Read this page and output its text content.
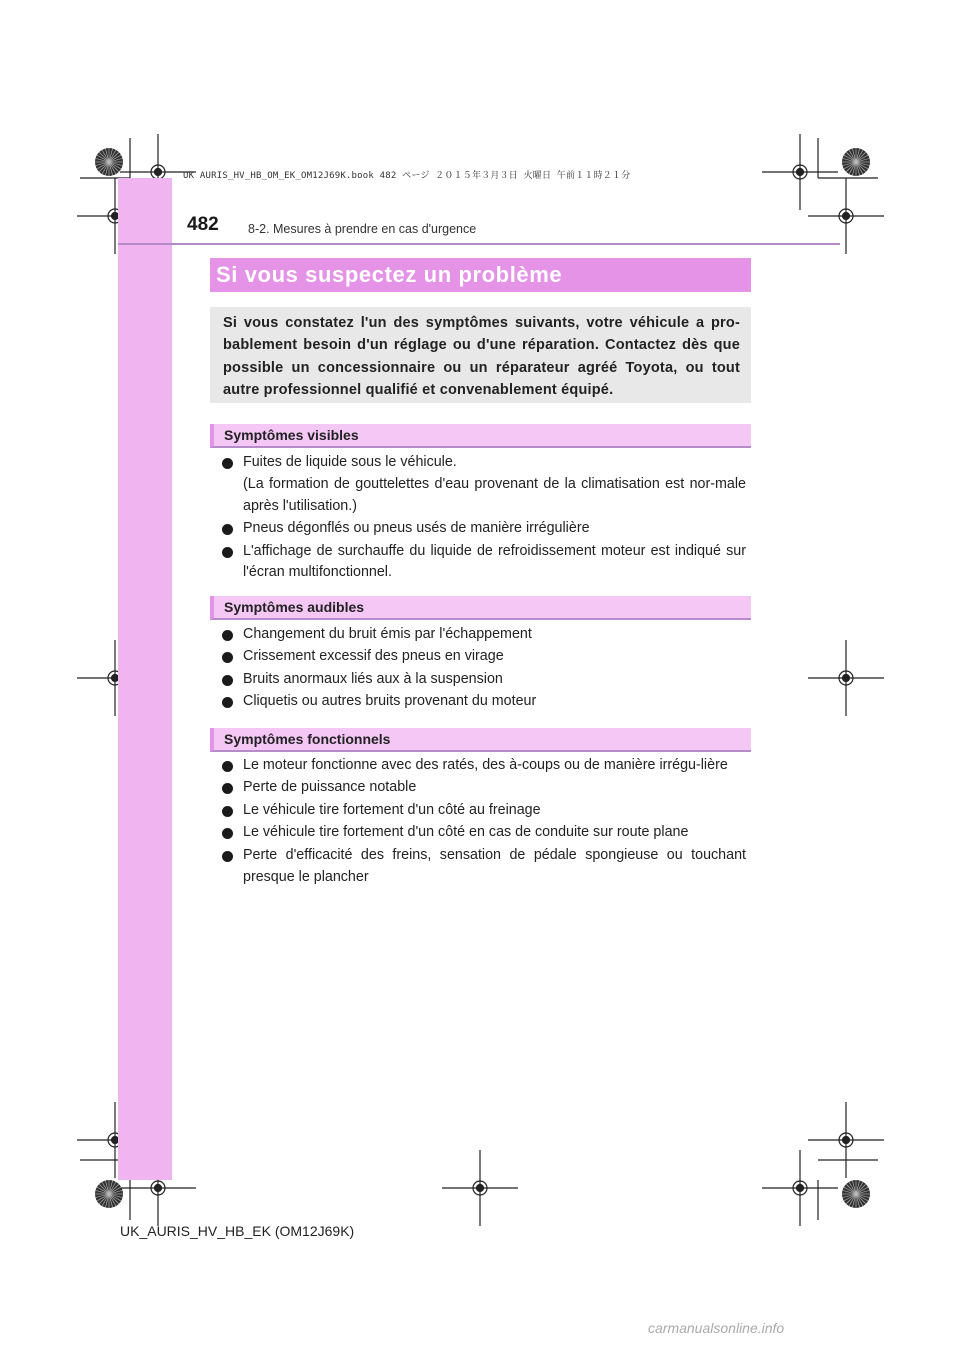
UK AURIS_HV_HB_OM_EK_OM12J69K.book 482 ページ ２０１５年３月３日 火曜日 午前１１時２１分
482 8-2. Mesures à prendre en cas d'urgence
Si vous suspectez un problème
Si vous constatez l'un des symptômes suivants, votre véhicule a pro-bablement besoin d'un réglage ou d'une réparation. Contactez dès que possible un concessionnaire ou un réparateur agréé Toyota, ou tout autre professionnel qualifié et convenablement équipé.
Symptômes visibles
Fuites de liquide sous le véhicule.
(La formation de gouttelettes d'eau provenant de la climatisation est nor-male après l'utilisation.)
Pneus dégonflés ou pneus usés de manière irrégulière
L'affichage de surchauffe du liquide de refroidissement moteur est indiqué sur l'écran multifonctionnel.
Symptômes audibles
Changement du bruit émis par l'échappement
Crissement excessif des pneus en virage
Bruits anormaux liés aux à la suspension
Cliquetis ou autres bruits provenant du moteur
Symptômes fonctionnels
Le moteur fonctionne avec des ratés, des à-coups ou de manière irrégu-lière
Perte de puissance notable
Le véhicule tire fortement d'un côté au freinage
Le véhicule tire fortement d'un côté en cas de conduite sur route plane
Perte d'efficacité des freins, sensation de pédale spongieuse ou touchant presque le plancher
UK_AURIS_HV_HB_EK (OM12J69K)
carmanualsonline.info
